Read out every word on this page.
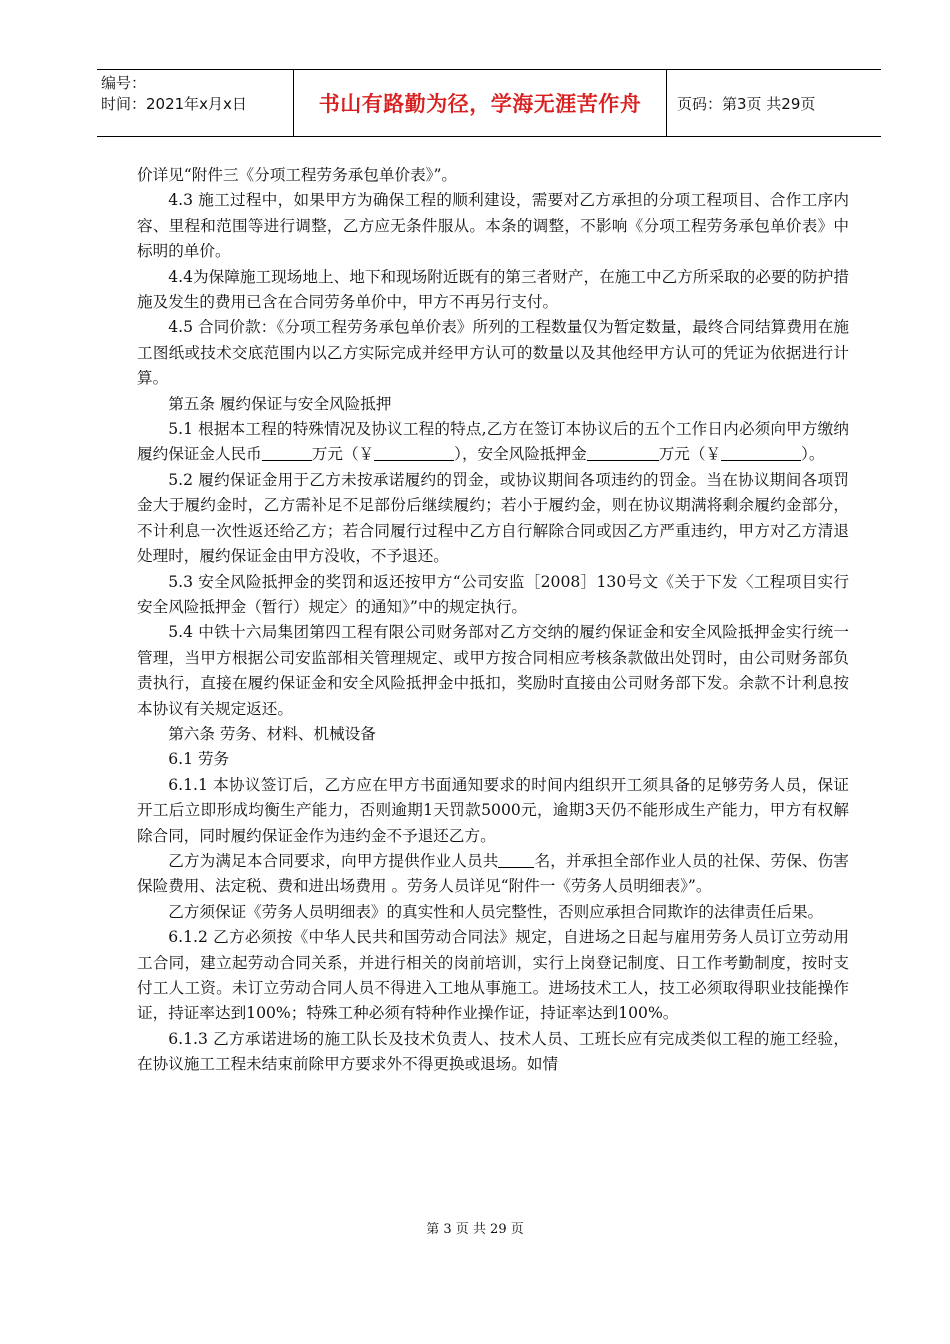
编号：
时间：2021年x月x日	书山有路勤为径，学海无涯苦作舟	页码：第3页 共29页

价详见“附件三《分项工程劳务承包单价表》”。

4.3 施工过程中，如果甲方为确保工程的顺利建设，需要对乙方承担的分项工程项目、合作工序内容、里程和范围等进行调整，乙方应无条件服从。本条的调整，不影响《分项工程劳务承包单价表》中标明的单价。

4.4为保障施工现场地上、地下和现场附近既有的第三者财产，在施工中乙方所采取的必要的防护措施及发生的费用已含在合同劳务单价中，甲方不再另行支付。

4.5 合同价款：《分项工程劳务承包单价表》所列的工程数量仅为暂定数量，最终合同结算费用在施工图纸或技术交底范围内以乙方实际完成并经甲方认可的数量以及其他经甲方认可的凭证为依据进行计算。

第五条 履约保证与安全风险抵押

5.1 根据本工程的特殊情况及协议工程的特点,乙方在签订本协议后的五个工作日内必须向甲方缴纳履约保证金人民币	万元（￥	），安全风险抵押金	万元（￥	）。

5.2 履约保证金用于乙方未按承诺履约的罚金，或协议期间各项违约的罚金。当在协议期间各项罚金大于履约金时，乙方需补足不足部份后继续履约；若小于履约金，则在协议期满将剩余履约金部分，不计利息一次性返还给乙方；若合同履行过程中乙方自行解除合同或因乙方严重违约，甲方对乙方清退处理时，履约保证金由甲方没收，不予退还。

5.3 安全风险抵押金的奖罚和返还按甲方“公司安监［2008］130号文《关于下发〈工程项目实行安全风险抵押金（暂行）规定〉的通知》”中的规定执行。

5.4 中铁十六局集团第四工程有限公司财务部对乙方交纳的履约保证金和安全风险抵押金实行统一管理，当甲方根据公司安监部相关管理规定、或甲方按合同相应考核条款做出处罚时，由公司财务部负责执行，直接在履约保证金和安全风险抵押金中抵扣，奖励时直接由公司财务部下发。余款不计利息按本协议有关规定返还。

第六条 劳务、材料、机械设备

6.1 劳务

6.1.1 本协议签订后，乙方应在甲方书面通知要求的时间内组织开工须具备的足够劳务人员，保证开工后立即形成均衡生产能力，否则逾期1天罚款5000元，逾期3天仍不能形成生产能力，甲方有权解除合同，同时履约保证金作为违约金不予退还乙方。

乙方为满足本合同要求，向甲方提供作业人员共 名，并承担全部作业人员的社保、劳保、伤害保险费用、法定税、费和进出场费用 。劳务人员详见“附件一《劳务人员明细表》”。

乙方须保证《劳务人员明细表》的真实性和人员完整性，否则应承担合同欺诈的法律责任后果。

6.1.2 乙方必须按《中华人民共和国劳动合同法》规定，自进场之日起与雇用劳务人员订立劳动用工合同，建立起劳动合同关系，并进行相关的岗前培训，实行上岗登记制度、日工作考勤制度，按时支付工人工资。未订立劳动合同人员不得进入工地从事施工。进场技术工人，技工必须取得职业技能操作证，持证率达到100%；特殊工种必须有特种作业操作证，持证率达到100%。

6.1.3 乙方承诺进场的施工队长及技术负责人、技术人员、工班长应有完成类似工程的施工经验，在协议施工工程未结束前除甲方要求外不得更换或退场。如情

第 3 页 共 29 页
